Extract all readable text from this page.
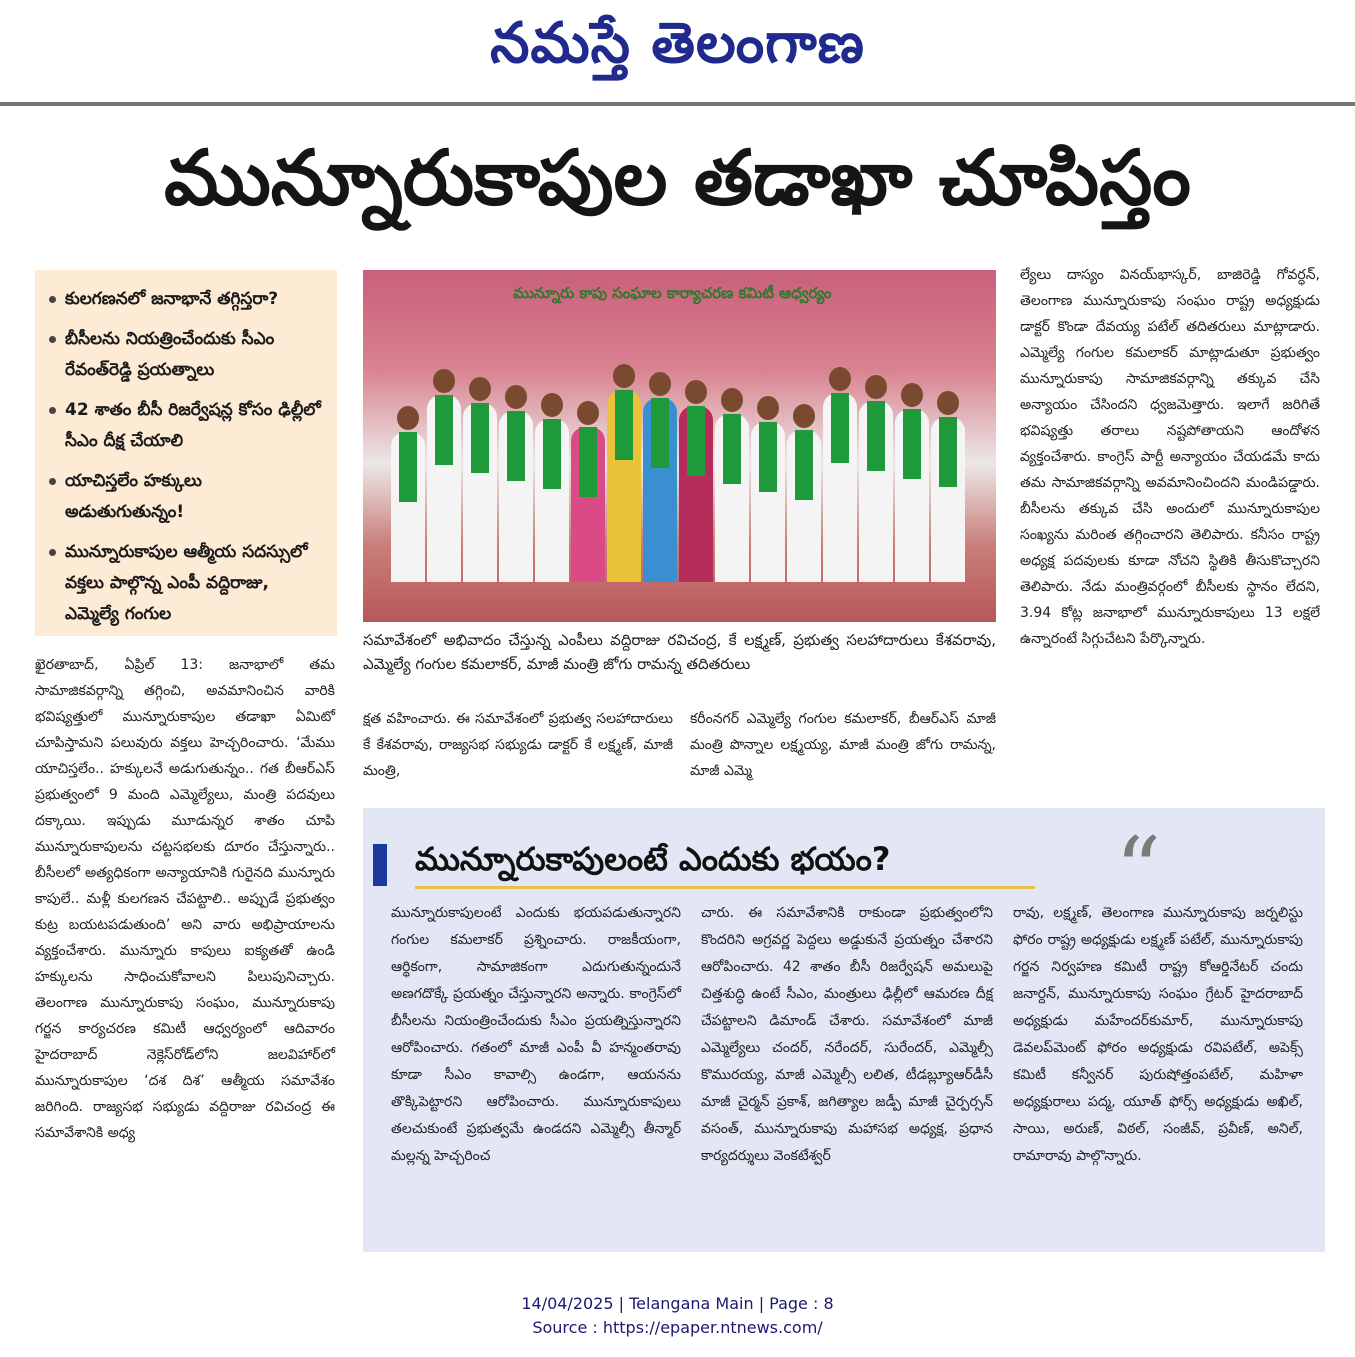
నమస్తే తెలంగాణ
మున్నూరుకాపుల తడాఖా చూపిస్తం
కులగణనలో జనాభానే తగ్గిస్తరా?
బీసీలను నియత్రించేందుకు సీఎం రేవంత్‌రెడ్డి ప్రయత్నాలు
42 శాతం బీసీ రిజర్వేషన్ల కోసం ఢిల్లీలో సీఎం దీక్ష చేయాలి
యాచిస్తలేం హక్కులు అడుతుగుతున్నం!
మున్నూరుకాపుల ఆత్మీయ సదస్సులో వక్తలు పాల్గొన్న ఎంపీ వద్దిరాజు, ఎమ్మెల్యే గంగుల
మున్నూరు కాపు సంఘాల కార్యాచరణ కమిటీ ఆధ్వర్యం
సమావేశంలో అభివాదం చేస్తున్న ఎంపీలు వద్దిరాజు రవిచంద్ర, కే లక్ష్మణ్, ప్రభుత్వ సలహాదారులు కేశవరావు, ఎమ్మెల్యే గంగుల కమలాకర్, మాజీ మంత్రి జోగు రామన్న తదితరులు
ఖైరతాబాద్, ఏప్రిల్ 13: జనాభాలో తమ సామాజికవర్గాన్ని తగ్గించి, అవమానించిన వారికి భవిష్యత్తులో మున్నూరుకాపుల తడాఖా ఏమిటో చూపిస్తామని పలువురు వక్తలు హెచ్చరించారు. ‘మేము యాచిస్తలేం.. హక్కులనే అడుగుతున్నం.. గత బీఆర్ఎస్ ప్రభుత్వంలో 9 మంది ఎమ్మెల్యేలు, మంత్రి పదవులు దక్కాయి. ఇప్పుడు మూడున్నర శాతం చూపి మున్నూరుకాపులను చట్టసభలకు దూరం చేస్తున్నారు.. బీసీలలో అత్యధికంగా అన్యాయానికి గురైనది మున్నూరు కాపులే.. మళ్లీ కులగణన చేపట్టాలి.. అప్పుడే ప్రభుత్వం కుట్ర బయటపడుతుంది’ అని వారు అభిప్రాయాలను వ్యక్తంచేశారు. మున్నూరు కాపులు ఐక్యతతో ఉండి హక్కులను సాధించుకోవాలని పిలుపునిచ్చారు. తెలంగాణ మున్నూరుకాపు సంఘం, మున్నూరుకాపు గర్జన కార్యచరణ కమిటీ ఆధ్వర్యంలో ఆదివారం హైదరాబాద్ నెక్లెస్‌రోడ్‌లోని జలవిహార్‌లో మున్నూరుకాపుల ‘దశ దిశ’ ఆత్మీయ సమావేశం జరిగింది. రాజ్యసభ సభ్యుడు వద్దిరాజు రవిచంద్ర ఈ సమావేశానికి అధ్య
క్షత వహించారు. ఈ సమావేశంలో ప్రభుత్వ సలహాదారులు కే కేశవరావు, రాజ్యసభ సభ్యుడు డాక్టర్ కే లక్ష్మణ్, మాజీ మంత్రి,
కరీంనగర్ ఎమ్మెల్యే గంగుల కమలాకర్, బీఆర్ఎస్ మాజీ మంత్రి పొన్నాల లక్ష్మయ్య, మాజీ మంత్రి జోగు రామన్న, మాజీ ఎమ్మె
ల్యేలు దాస్యం వినయ్‌భాస్కర్, బాజిరెడ్డి గోవర్ధన్, తెలంగాణ మున్నూరుకాపు సంఘం రాష్ట్ర అధ్యక్షుడు డాక్టర్ కొండా దేవయ్య పటేల్ తదితరులు మాట్లాడారు. ఎమ్మెల్యే గంగుల కమలాకర్ మాట్లాడుతూ ప్రభుత్వం మున్నూరుకాపు సామాజికవర్గాన్ని తక్కువ చేసి అన్యాయం చేసిందని ధ్వజమెత్తారు. ఇలాగే జరిగితే భవిష్యత్తు తరాలు నష్టపోతాయని ఆందోళన వ్యక్తంచేశారు. కాంగ్రెస్ పార్టీ అన్యాయం చేయడమే కాదు తమ సామాజికవర్గాన్ని అవమానించిందని మండిపడ్డారు. బీసీలను తక్కువ చేసి అందులో మున్నూరుకాపుల సంఖ్యను మరింత తగ్గించారని తెలిపారు. కనీసం రాష్ట్ర అధ్యక్ష పదవులకు కూడా నోచని స్థితికి తీసుకొచ్చారని తెలిపారు. నేడు మంత్రివర్గంలో బీసీలకు స్థానం లేదని, 3.94 కోట్ల జనాభాలో మున్నూరుకాపులు 13 లక్షలే ఉన్నారంటే సిగ్గుచేటని పేర్కొన్నారు.
మున్నూరుకాపులంటే ఎందుకు భయం? “
మున్నూరుకాపులంటే ఎందుకు భయపడుతున్నారని గంగుల కమలాకర్ ప్రశ్నించారు. రాజకీయంగా, ఆర్థికంగా, సామాజికంగా ఎదుగుతున్నందునే అణగదొక్కే ప్రయత్నం చేస్తున్నారని అన్నారు. కాంగ్రెస్‌లో బీసీలను నియంత్రించేందుకు సీఎం ప్రయత్నిస్తున్నారని ఆరోపించారు. గతంలో మాజీ ఎంపీ వీ హన్మంతరావు కూడా సీఎం కావాల్సి ఉండగా, ఆయనను తొక్కిపెట్టారని ఆరోపించారు. మున్నూరుకాపులు తలచుకుంటే ప్రభుత్వమే ఉండదని ఎమ్మెల్సీ తీన్మార్ మల్లన్న హెచ్చరించ
చారు. ఈ సమావేశానికి రాకుండా ప్రభుత్వంలోని కొందరిని అగ్రవర్ణ పెద్దలు అడ్డుకునే ప్రయత్నం చేశారని ఆరోపించారు. 42 శాతం బీసీ రిజర్వేషన్ అమలుపై చిత్తశుద్ధి ఉంటే సీఎం, మంత్రులు ఢిల్లీలో ఆమరణ దీక్ష చేపట్టాలని డిమాండ్ చేశారు. సమావేశంలో మాజీ ఎమ్మెల్యేలు చందర్, నరేందర్, సురేందర్, ఎమ్మెల్సీ కొమురయ్య, మాజీ ఎమ్మెల్సీ లలిత, టీడబ్ల్యూఆర్‌డీసీ మాజీ చైర్మన్ ప్రకాశ్, జగిత్యాల జడ్పీ మాజీ చైర్పర్సన్ వసంత్, మున్నూరుకాపు మహాసభ అధ్యక్ష, ప్రధాన కార్యదర్శులు వెంకటేశ్వర్
రావు, లక్ష్మణ్, తెలంగాణ మున్నూరుకాపు జర్నలిస్టు ఫోరం రాష్ట్ర అధ్యక్షుడు లక్ష్మణ్ పటేల్, మున్నూరుకాపు గర్జన నిర్వహణ కమిటీ రాష్ట్ర కోఆర్డినేటర్ చందు జనార్దన్, మున్నూరుకాపు సంఘం గ్రేటర్ హైదరాబాద్ అధ్యక్షుడు మహేందర్‌కుమార్, మున్నూరుకాపు డెవలప్‌మెంట్ ఫోరం అధ్యక్షుడు రవిపటేల్, అపెక్స్ కమిటీ కన్వీనర్ పురుషోత్తంపటేల్, మహిళా అధ్యక్షురాలు పద్మ, యూత్ ఫోర్స్ అధ్యక్షుడు అఖిల్, సాయి, అరుణ్, విఠల్, సంజీవ్, ప్రవీణ్, అనిల్, రామారావు పాల్గొన్నారు.
14/04/2025 | Telangana Main | Page : 8
Source : https://epaper.ntnews.com/
